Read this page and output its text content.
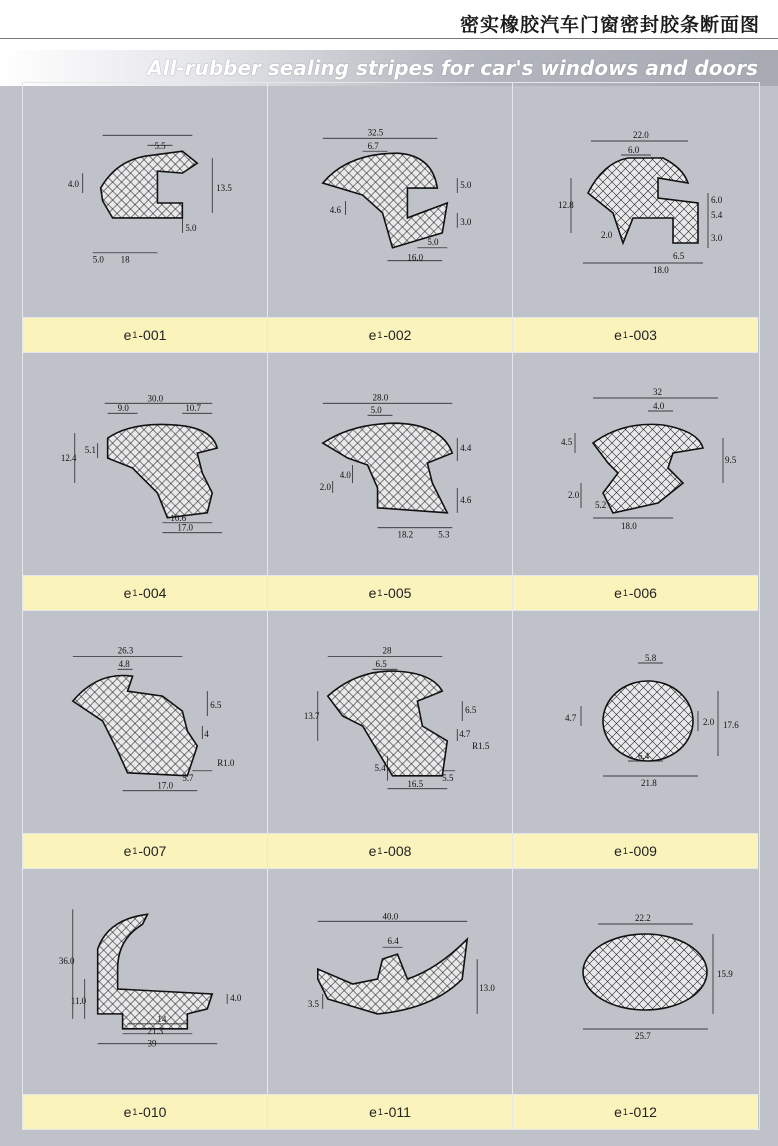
密实橡胶汽车门窗密封胶条断面图
All-rubber sealing stripes for car's windows and doors
5.5
4.0	13.5
5.0
5.0 18
e 1 -001
32.5
6.7
5.0
4.6
3.0
5.0
16.0
e 1 -002
22.0
6.0
12.8	6.0
5.4
2.0	3.0
6.5
18.0
e 1 -003
30.0
9.0	10.7
12.4
5.1
10.6
17.0
e 1 -004
28.0
5.0
4.4
4.0
2.0
4.6
18.2	5.3
e 1 -005
32
4.0
4.5
9.5
2.0
5.2
18.0
e 1 -006
26.3
4.8
6.5
4
R1.0
5.7
17.0
e 1 -007
28
6.5
13.7
6.5
4.7
R1.5
5.4
5.5
16.5
e 1 -008
5.8
4.7	2.0 17.6
6.4
21.8
e 1 -009
36.0
11.0	4.0
14
21.3
39
e 1 -010
40.0
6.4
3.5
13.0
e 1 -011
22.2
15.9
25.7
e 1 -012
